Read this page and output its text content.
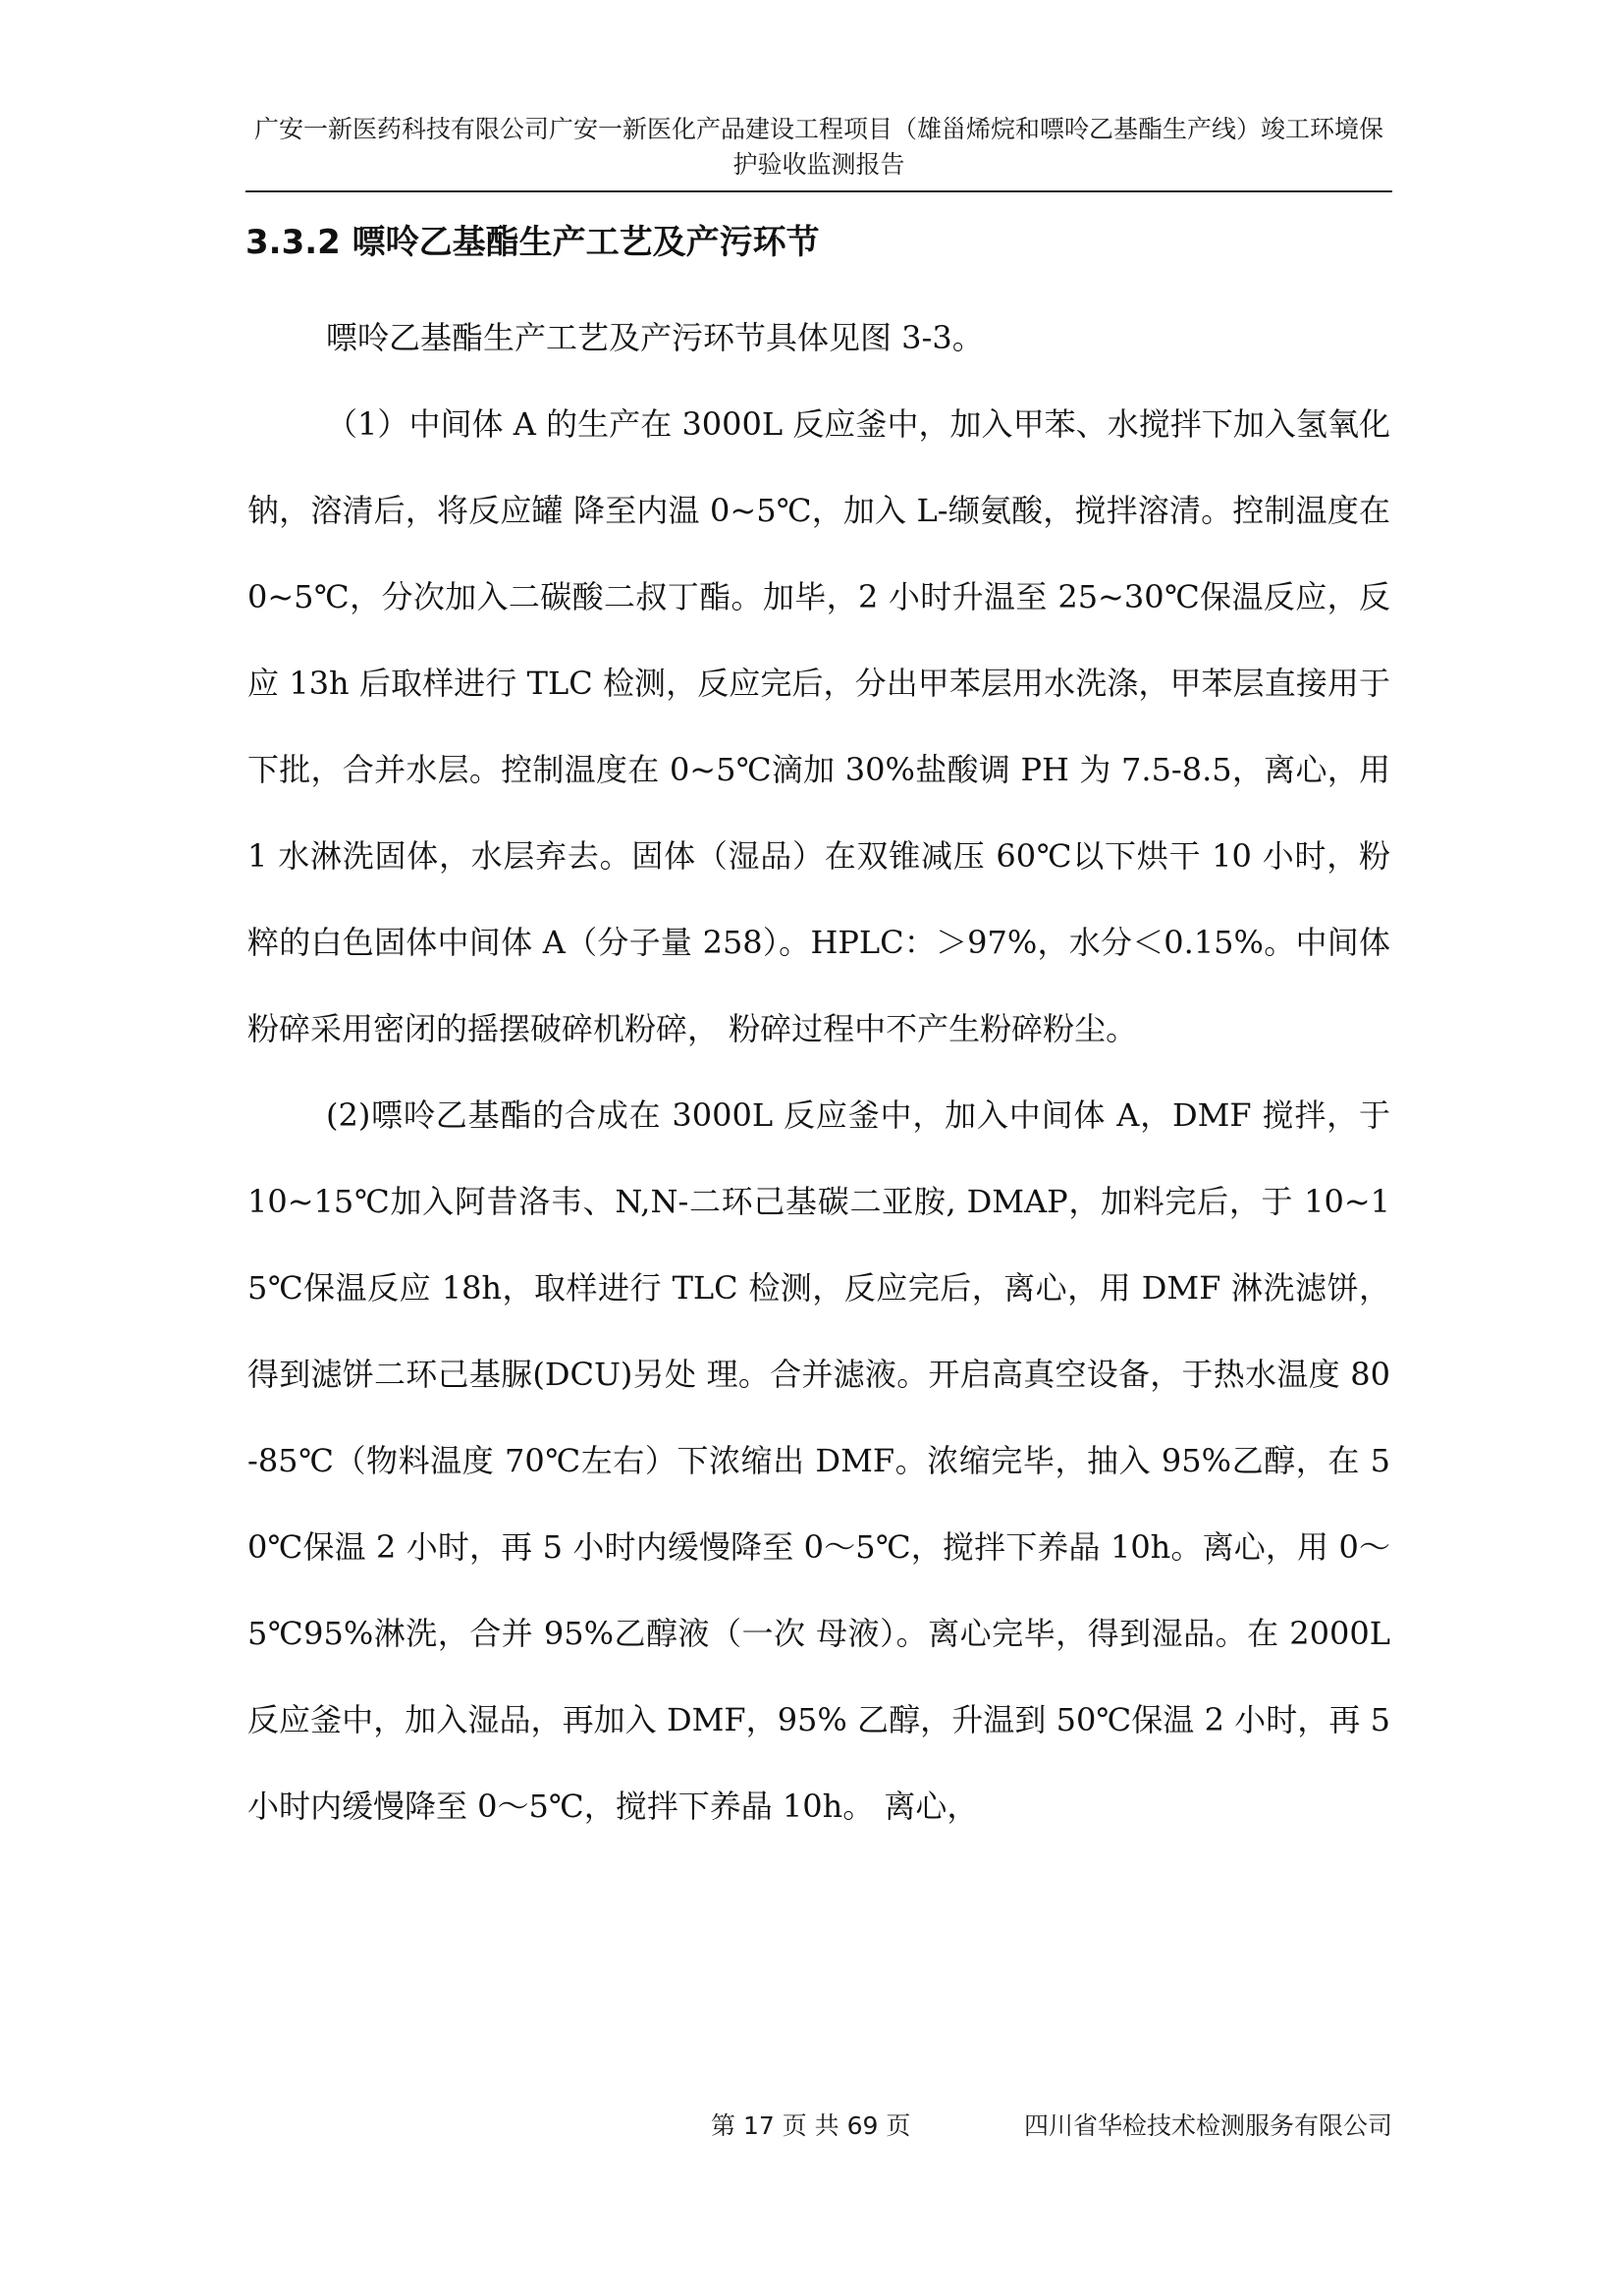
广安一新医药科技有限公司广安一新医化产品建设工程项目（雄甾烯烷和嘌呤乙基酯生产线）竣工环境保护验收监测报告
3.3.2 嘌呤乙基酯生产工艺及产污环节

嘌呤乙基酯生产工艺及产污环节具体见图 3-3。

（1）中间体 A 的生产在 3000L 反应釜中，加入甲苯、水搅拌下加入氢氧化钠，溶清后，将反应罐 降至内温 0~5℃，加入 L-缬氨酸，搅拌溶清。控制温度在 0~5℃，分次加入二碳酸二叔丁酯。加毕，2 小时升温至 25~30℃保温反应，反应 13h 后取样进行 TLC 检测，反应完后，分出甲苯层用水洗涤，甲苯层直接用于下批，合并水层。控制温度在 0~5℃滴加 30%盐酸调 PH 为 7.5-8.5，离心，用 1 水淋洗固体，水层弃去。固体（湿品）在双锥减压 60℃以下烘干 10 小时，粉粹的白色固体中间体 A（分子量 258）。HPLC：＞97%，水分＜0.15%。中间体粉碎采用密闭的摇摆破碎机粉碎， 粉碎过程中不产生粉碎粉尘。

(2)嘌呤乙基酯的合成在 3000L 反应釜中，加入中间体 A，DMF 搅拌，于 10~15℃加入阿昔洛韦、N,N-二环己基碳二亚胺, DMAP，加料完后，于 10~15℃保温反应 18h，取样进行 TLC 检测，反应完后，离心，用 DMF 淋洗滤饼，得到滤饼二环己基脲(DCU)另处 理。合并滤液。开启高真空设备，于热水温度 80-85℃（物料温度 70℃左右）下浓缩出 DMF。浓缩完毕，抽入 95%乙醇，在 50℃保温 2 小时，再 5 小时内缓慢降至 0～5℃，搅拌下养晶 10h。离心，用 0～5℃95%淋洗，合并 95%乙醇液（一次 母液）。离心完毕，得到湿品。在 2000L 反应釜中，加入湿品，再加入 DMF，95% 乙醇，升温到 50℃保温 2 小时，再 5 小时内缓慢降至 0～5℃，搅拌下养晶 10h。 离心，

第 17 页 共 69 页	四川省华检技术检测服务有限公司
